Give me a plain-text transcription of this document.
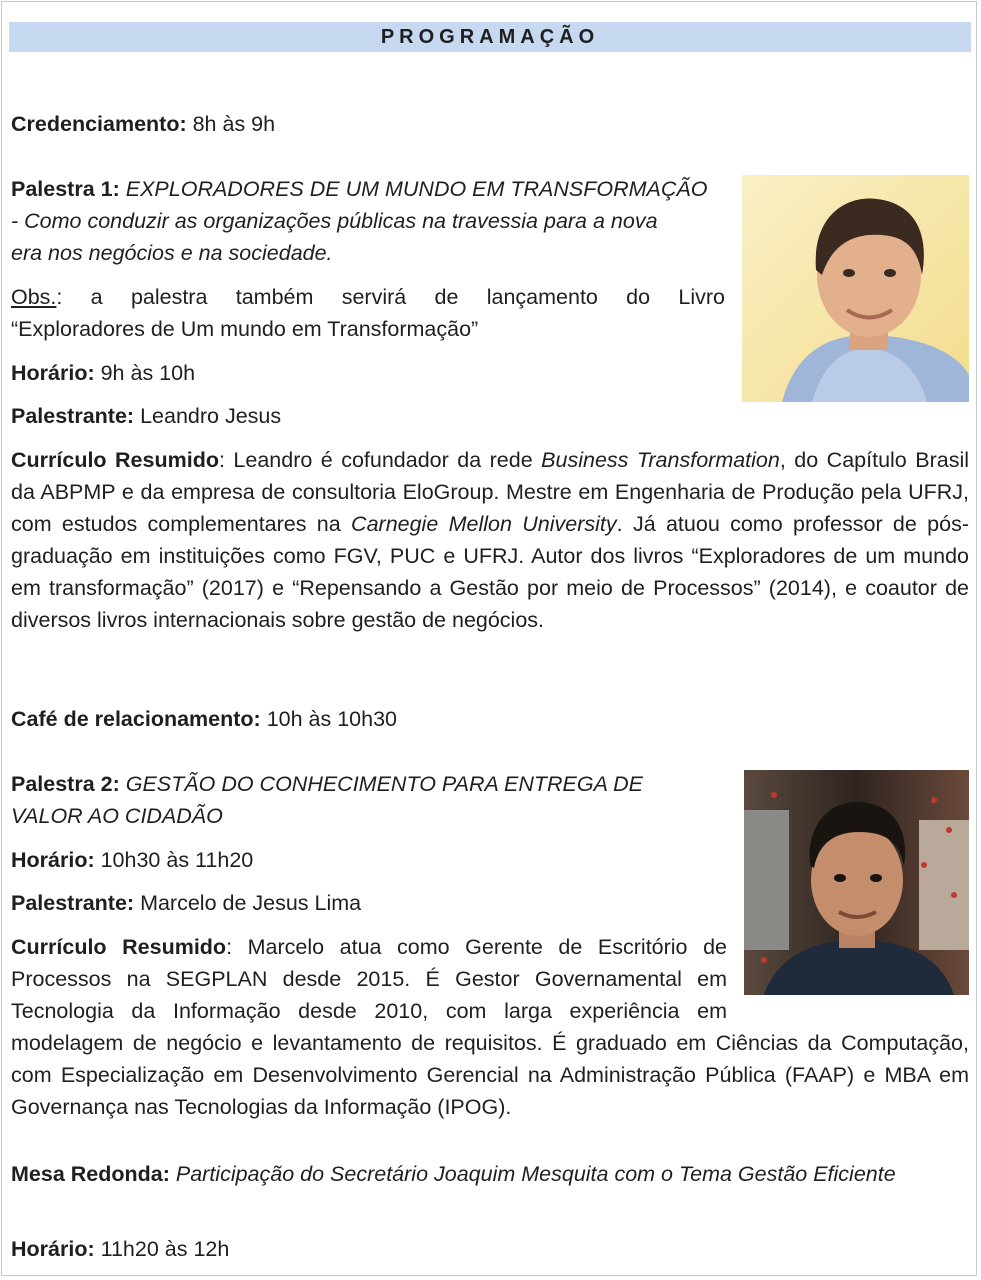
PROGRAMAÇÃO
Credenciamento: 8h às 9h
Palestra 1: EXPLORADORES DE UM MUNDO EM TRANSFORMAÇÃO
- Como conduzir as organizações públicas na travessia para a nova
era nos negócios e na sociedade.
Obs.: a palestra também servirá de lançamento do Livro
“Exploradores de Um mundo em Transformação”
Horário: 9h às 10h
Palestrante: Leandro Jesus
Currículo Resumido: Leandro é cofundador da rede Business Transformation, do Capítulo Brasil da ABPMP e da empresa de consultoria EloGroup. Mestre em Engenharia de Produção pela UFRJ, com estudos complementares na Carnegie Mellon University. Já atuou como professor de pós-graduação em instituições como FGV, PUC e UFRJ. Autor dos livros “Exploradores de um mundo em transformação” (2017) e “Repensando a Gestão por meio de Processos” (2014), e coautor de diversos livros internacionais sobre gestão de negócios.
Café de relacionamento: 10h às 10h30
Palestra 2: GESTÃO DO CONHECIMENTO PARA ENTREGA DE
VALOR AO CIDADÃO
Horário: 10h30 às 11h20
Palestrante: Marcelo de Jesus Lima
Currículo Resumido: Marcelo atua como Gerente de Escritório de
Processos na SEGPLAN desde 2015. É Gestor Governamental em
Tecnologia da Informação desde 2010, com larga experiência em
modelagem de negócio e levantamento de requisitos. É graduado em Ciências da Computação, com Especialização em Desenvolvimento Gerencial na Administração Pública (FAAP) e MBA em Governança nas Tecnologias da Informação (IPOG).
Mesa Redonda: Participação do Secretário Joaquim Mesquita com o Tema Gestão Eficiente
Horário: 11h20 às 12h
